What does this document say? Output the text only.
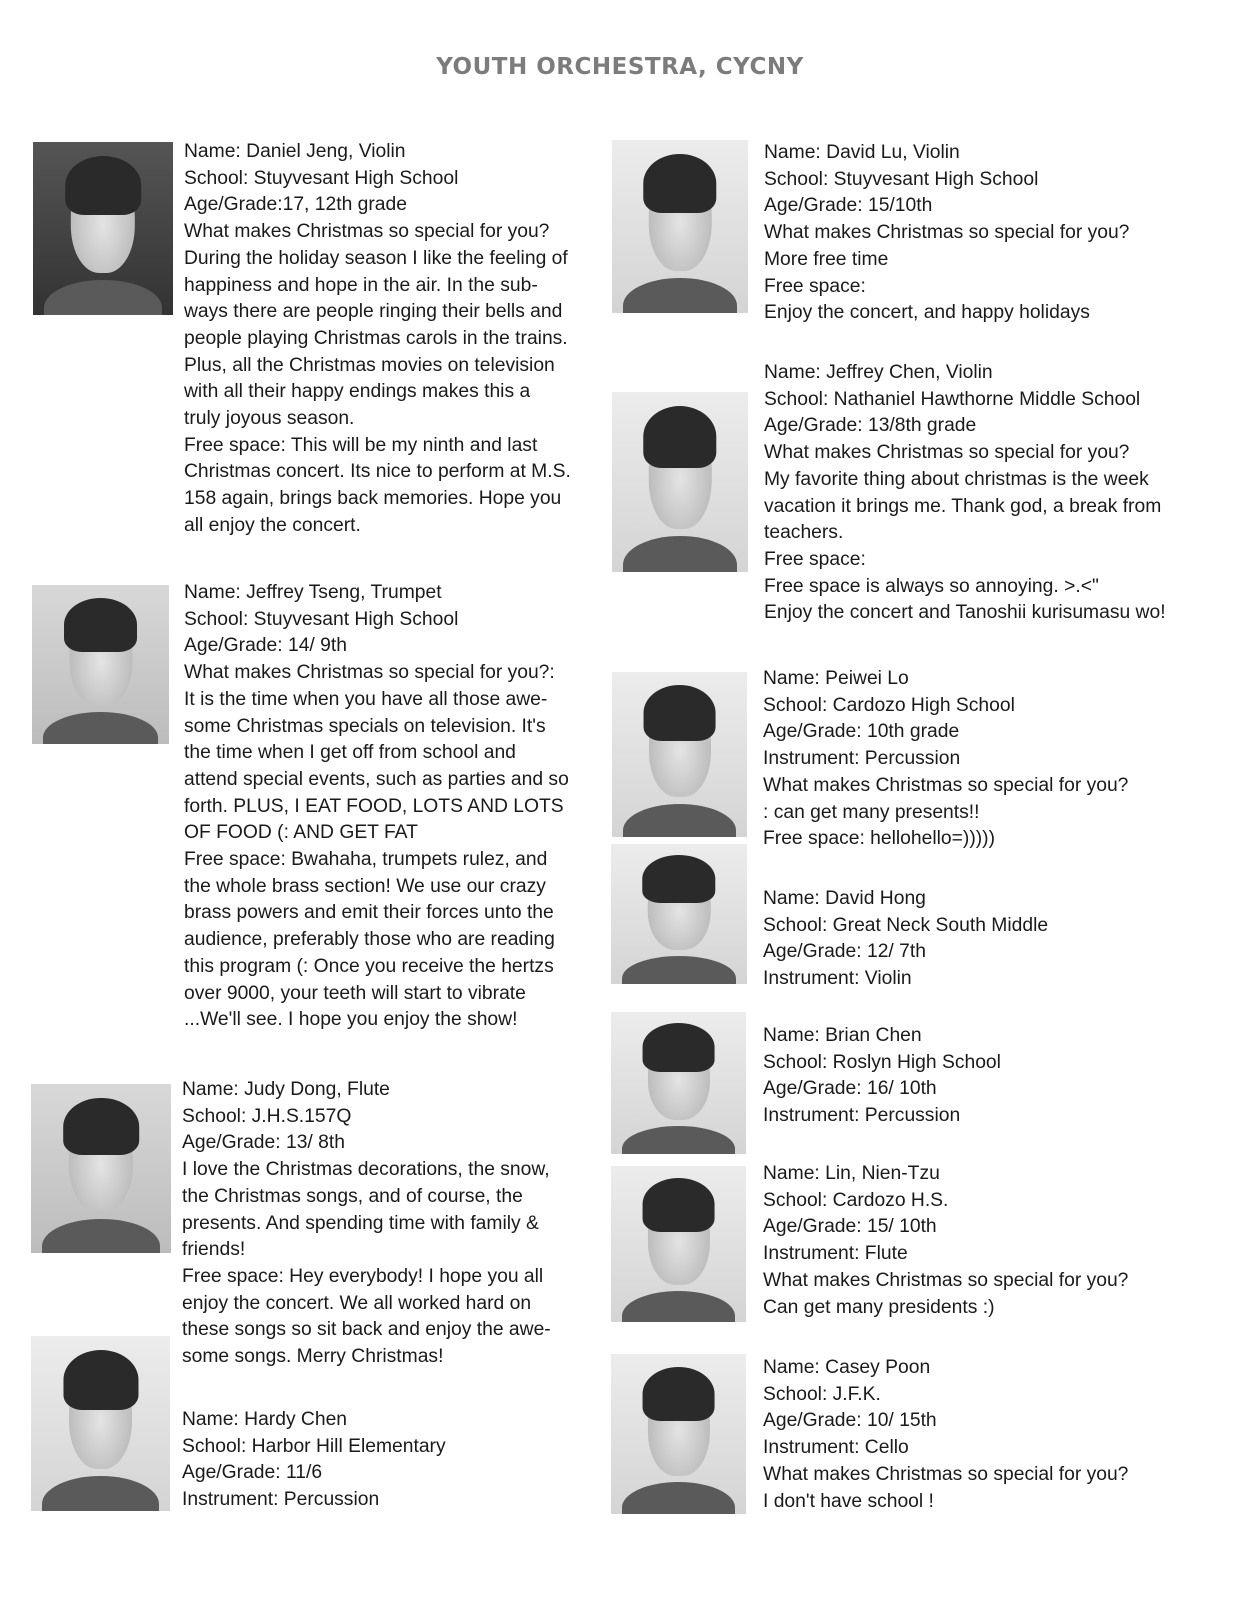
YOUTH ORCHESTRA, CYCNY
Name: Daniel Jeng, Violin
School: Stuyvesant High School
Age/Grade:17, 12th grade
What makes Christmas so special for you?
During the holiday season I like the feeling of
happiness and hope in the air. In the sub-
ways there are people ringing their bells and
people playing Christmas carols in the trains.
Plus, all the Christmas movies on television
with all their happy endings makes this a
truly joyous season.
Free space: This will be my ninth and last
Christmas concert. Its nice to perform at M.S.
158 again, brings back memories. Hope you
all enjoy the concert.
Name: Jeffrey Tseng, Trumpet
School: Stuyvesant High School
Age/Grade: 14/ 9th
What makes Christmas so special for you?:
It is the time when you have all those awe-
some Christmas specials on television. It's
the time when I get off from school and
attend special events, such as parties and so
forth. PLUS, I EAT FOOD, LOTS AND LOTS
OF FOOD (: AND GET FAT
Free space: Bwahaha, trumpets rulez, and
the whole brass section! We use our crazy
brass powers and emit their forces unto the
audience, preferably those who are reading
this program (: Once you receive the hertzs
over 9000, your teeth will start to vibrate
...We'll see. I hope you enjoy the show!
Name: Judy Dong, Flute
School: J.H.S.157Q
Age/Grade: 13/ 8th
I love the Christmas decorations, the snow,
the Christmas songs, and of course, the
presents. And spending time with family &
friends!
Free space: Hey everybody! I hope you all
enjoy the concert. We all worked hard on
these songs so sit back and enjoy the awe-
some songs. Merry Christmas!
Name: Hardy Chen
School: Harbor Hill Elementary
Age/Grade: 11/6
Instrument: Percussion
Name: David Lu, Violin
School: Stuyvesant High School
Age/Grade: 15/10th
What makes Christmas so special for you?
More free time
Free space:
Enjoy the concert, and happy holidays
Name: Jeffrey Chen, Violin
School: Nathaniel Hawthorne Middle School
Age/Grade: 13/8th grade
What makes Christmas so special for you?
My favorite thing about christmas is the week
vacation it brings me. Thank god, a break from
teachers.
Free space:
Free space is always so annoying. >.<"
Enjoy the concert and Tanoshii kurisumasu wo!
Name: Peiwei Lo
School: Cardozo High School
Age/Grade: 10th grade
Instrument: Percussion
What makes Christmas so special for you?
: can get many presents!!
Free space: hellohello=)))))
Name: David Hong
School: Great Neck South Middle
Age/Grade: 12/ 7th
Instrument: Violin
Name: Brian Chen
School: Roslyn High School
Age/Grade: 16/ 10th
Instrument: Percussion
Name: Lin, Nien-Tzu
School: Cardozo H.S.
Age/Grade: 15/ 10th
Instrument: Flute
What makes Christmas so special for you?
Can get many presidents :)
Name: Casey Poon
School: J.F.K.
Age/Grade: 10/ 15th
Instrument: Cello
What makes Christmas so special for you?
I don't have school !
